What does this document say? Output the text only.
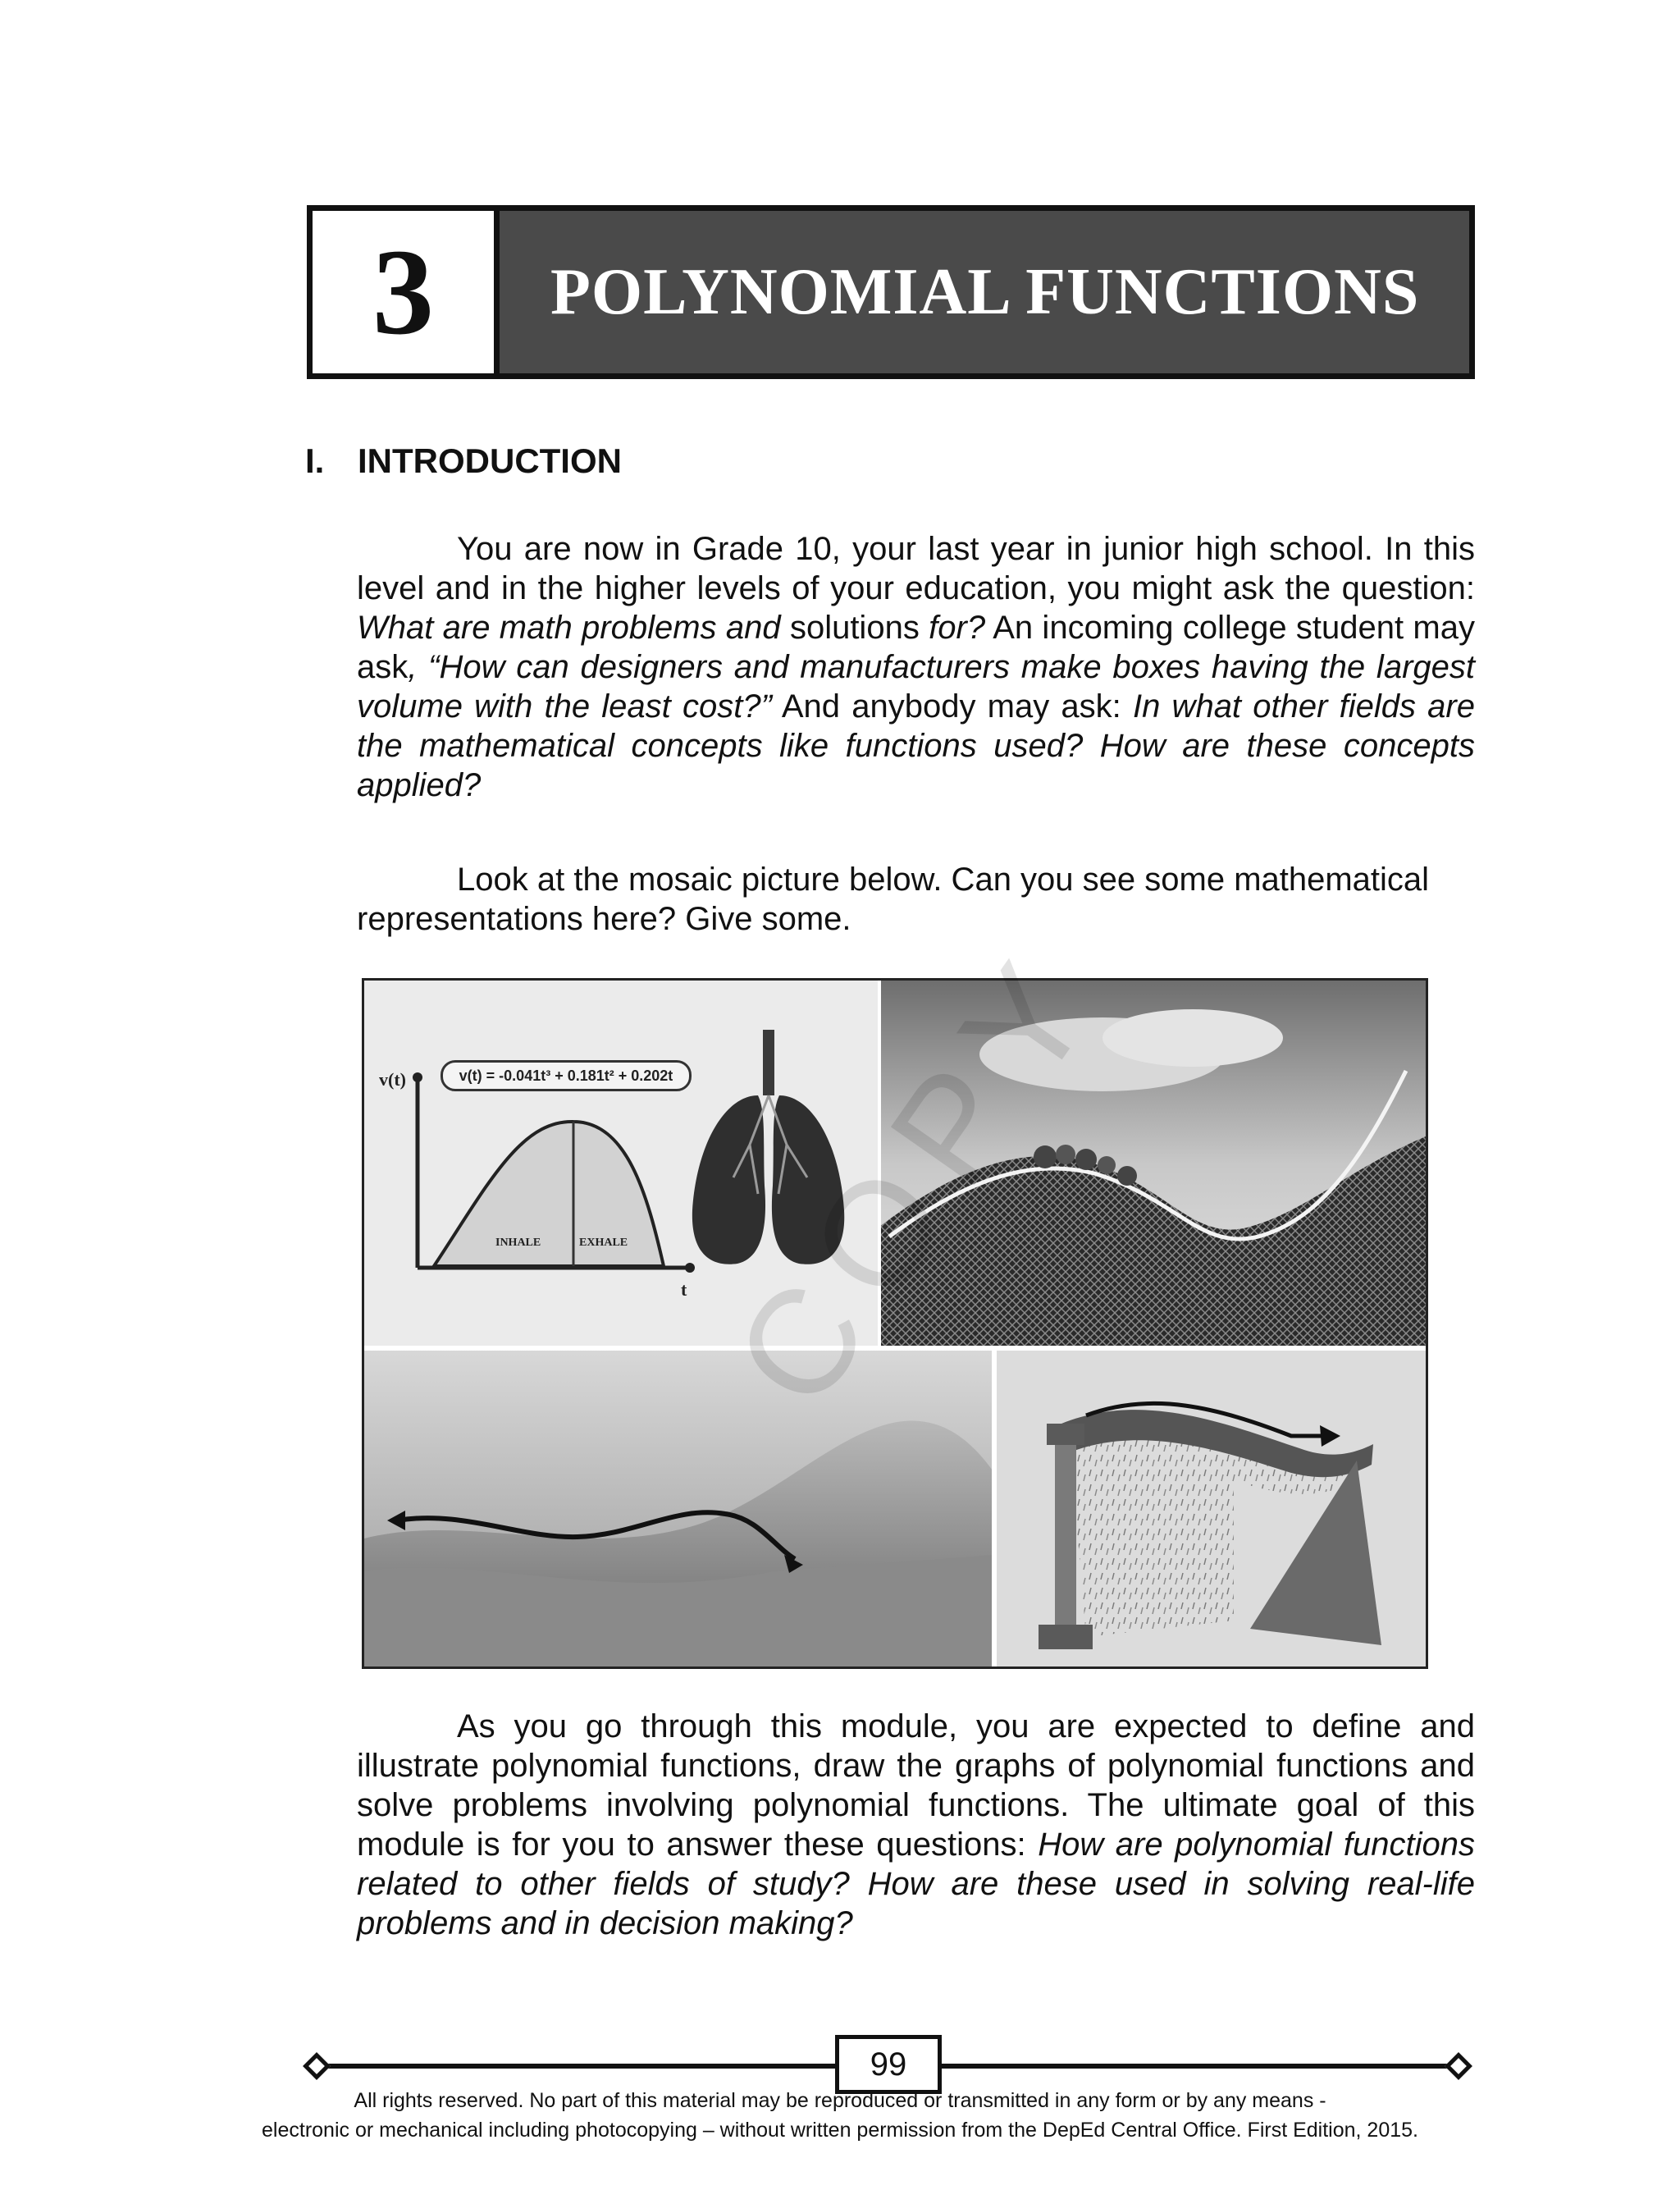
3 POLYNOMIAL FUNCTIONS
I. INTRODUCTION
You are now in Grade 10, your last year in junior high school. In this level and in the higher levels of your education, you might ask the question: What are math problems and solutions for? An incoming college student may ask, “How can designers and manufacturers make boxes having the largest volume with the least cost?” And anybody may ask: In what other fields are the mathematical concepts like functions used? How are these concepts applied?
Look at the mosaic picture below. Can you see some mathematical representations here? Give some.
v(t) = -0.041t³ + 0.181t² + 0.202t
v(t)
t
INHALE	EXHALE
As you go through this module, you are expected to define and illustrate polynomial functions, draw the graphs of polynomial functions and solve problems involving polynomial functions. The ultimate goal of this module is for you to answer these questions: How are polynomial functions related to other fields of study? How are these used in solving real-life problems and in decision making?
99
All rights reserved. No part of this material may be reproduced or transmitted in any form or by any means -
electronic or mechanical including photocopying – without written permission from the DepEd Central Office. First Edition, 2015.
